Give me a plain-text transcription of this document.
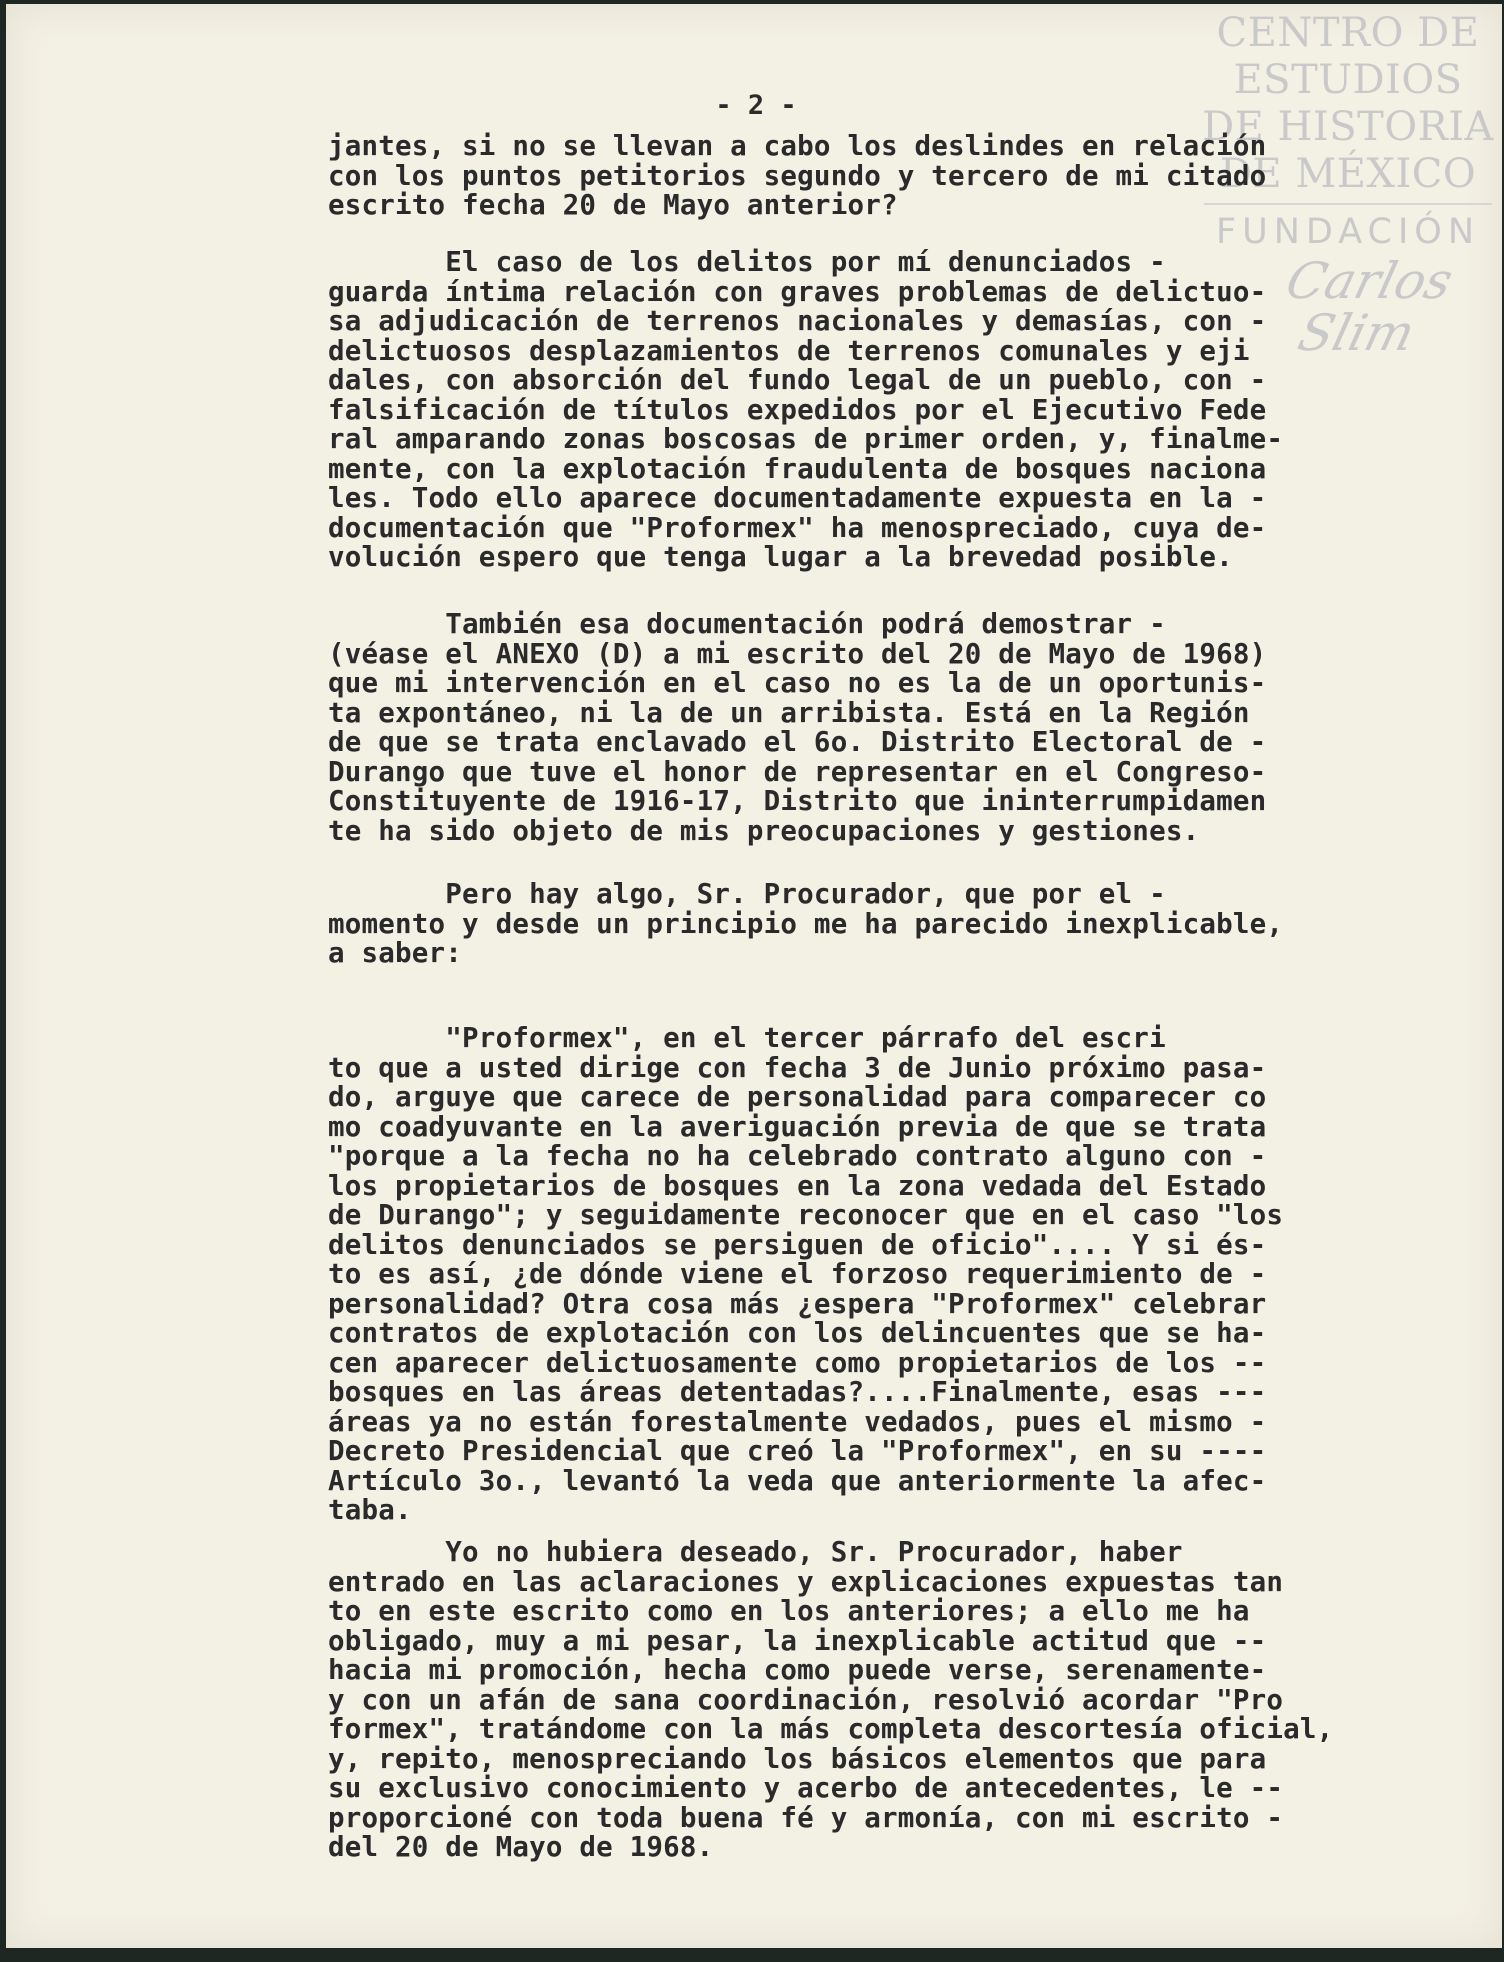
CENTRO DE
ESTUDIOS
DE HISTORIA
DE MÉXICO
FUNDACIÓN
Carlos Slim
- 2 -
jantes, si no se llevan a cabo los deslindes en relación
con los puntos petitorios segundo y tercero de mi citado
escrito fecha 20 de Mayo anterior?
El caso de los delitos por mí denunciados -
guarda íntima relación con graves problemas de delictuo-
sa adjudicación de terrenos nacionales y demasías, con -
delictuosos desplazamientos de terrenos comunales y eji
dales, con absorción del fundo legal de un pueblo, con -
falsificación de títulos expedidos por el Ejecutivo Fede
ral amparando zonas boscosas de primer orden, y, finalme-
mente, con la explotación fraudulenta de bosques naciona
les. Todo ello aparece documentadamente expuesta en la -
documentación que "Proformex" ha menospreciado, cuya de-
volución espero que tenga lugar a la brevedad posible.
También esa documentación podrá demostrar -
(véase el ANEXO (D) a mi escrito del 20 de Mayo de 1968)
que mi intervención en el caso no es la de un oportunis-
ta expontáneo, ni la de un arribista. Está en la Región
de que se trata enclavado el 6o. Distrito Electoral de -
Durango que tuve el honor de representar en el Congreso-
Constituyente de 1916-17, Distrito que ininterrumpidamen
te ha sido objeto de mis preocupaciones y gestiones.
Pero hay algo, Sr. Procurador, que por el -
momento y desde un principio me ha parecido inexplicable,
a saber:
"Proformex", en el tercer párrafo del escri
to que a usted dirige con fecha 3 de Junio próximo pasa-
do, arguye que carece de personalidad para comparecer co
mo coadyuvante en la averiguación previa de que se trata
"porque a la fecha no ha celebrado contrato alguno con -
los propietarios de bosques en la zona vedada del Estado
de Durango"; y seguidamente reconocer que en el caso "los
delitos denunciados se persiguen de oficio".... Y si és-
to es así, ¿de dónde viene el forzoso requerimiento de -
personalidad? Otra cosa más ¿espera "Proformex" celebrar
contratos de explotación con los delincuentes que se ha-
cen aparecer delictuosamente como propietarios de los --
bosques en las áreas detentadas?....Finalmente, esas ---
áreas ya no están forestalmente vedados, pues el mismo -
Decreto Presidencial que creó la "Proformex", en su ----
Artículo 3o., levantó la veda que anteriormente la afec-
taba.
Yo no hubiera deseado, Sr. Procurador, haber
entrado en las aclaraciones y explicaciones expuestas tan
to en este escrito como en los anteriores; a ello me ha
obligado, muy a mi pesar, la inexplicable actitud que --
hacia mi promoción, hecha como puede verse, serenamente-
y con un afán de sana coordinación, resolvió acordar "Pro
formex", tratándome con la más completa descortesía oficial,
y, repito, menospreciando los básicos elementos que para
su exclusivo conocimiento y acerbo de antecedentes, le --
proporcioné con toda buena fé y armonía, con mi escrito -
del 20 de Mayo de 1968.
